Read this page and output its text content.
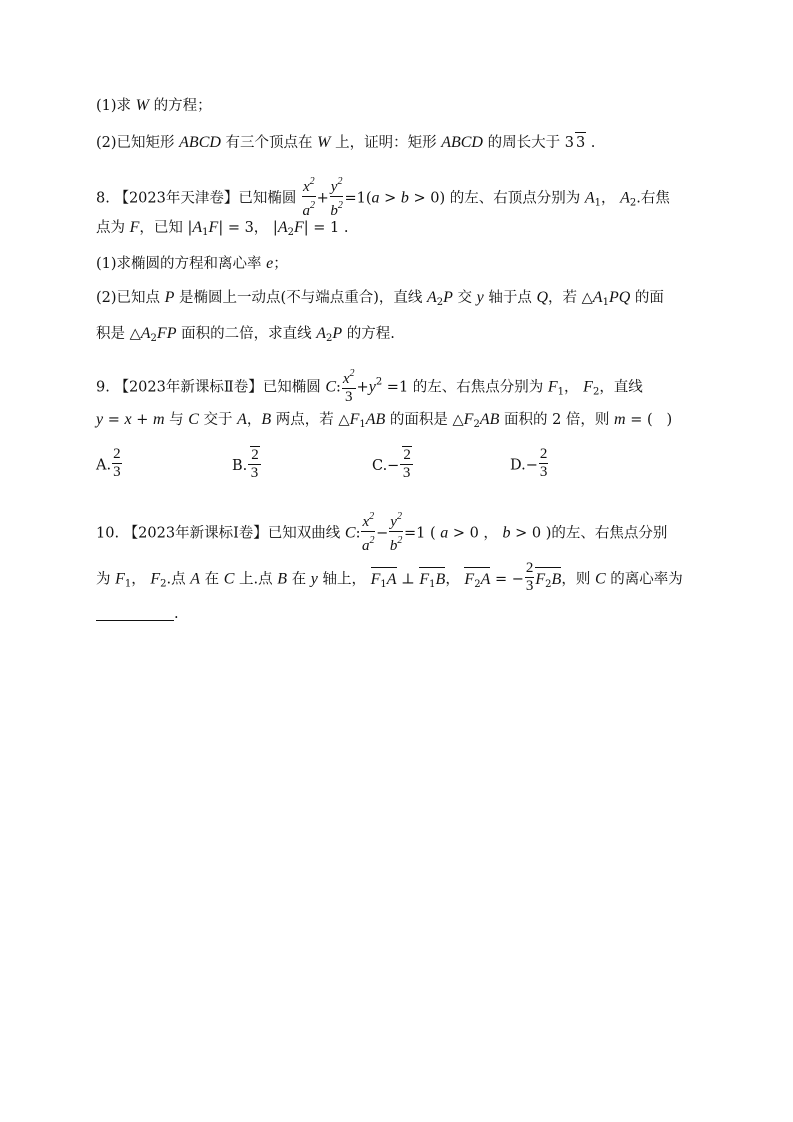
(1)求 W 的方程；
(2)已知矩形 ABCD 有三个顶点在 W 上，证明：矩形 ABCD 的周长大于 3 3 .
8. 【2023年天津卷】已知椭圆 $\frac{x^2}{a^2} + \frac{y^2}{b^2} =1(a > b > 0)$ 的左、右顶点分别为 $A_1$， $A_2$.右焦
点为 F，已知 $|A_1F| = 3$， $|A_2F| = 1$ .
(1)求椭圆的方程和离心率 e；
(2)已知点 P 是椭圆上一动点(不与端点重合)，直线 $A_2P$ 交 y 轴于点 Q，若 $\triangle A_1PQ$ 的面
积是 $\triangle A_2FP$ 面积的二倍，求直线 $A_2P$ 的方程.
9. 【2023年新课标Ⅱ卷】已知椭圆 C: $\frac{x^2}{3} +y^2 =1$ 的左、右焦点分别为 $F_1$， $F_2$，直线
y = x + m 与 C 交于 A，B 两点，若 $\triangle F_1AB$ 的面积是 $\triangle F_2AB$ 面积的 2 倍，则 m = (   )
A. $\frac{2}{3}$	B. $\frac{2}{3}$	$C.- \frac{2}{3}$	$D.- \frac{2}{3}$
10. 【2023年新课标Ⅰ卷】已知双曲线 C: $\frac{x^2}{a^2} - \frac{y^2}{b^2} =1$ ( a > 0 ， b > 0 )的左、右焦点分别
为 $F_1$， $F_2$.点 A 在 C 上.点 B 在 y 轴上， $F_1A$ ⊥ $F_1B$， $F_2A$ = − $\frac{2}{3} F_2B$，则 C 的离心率为
.
